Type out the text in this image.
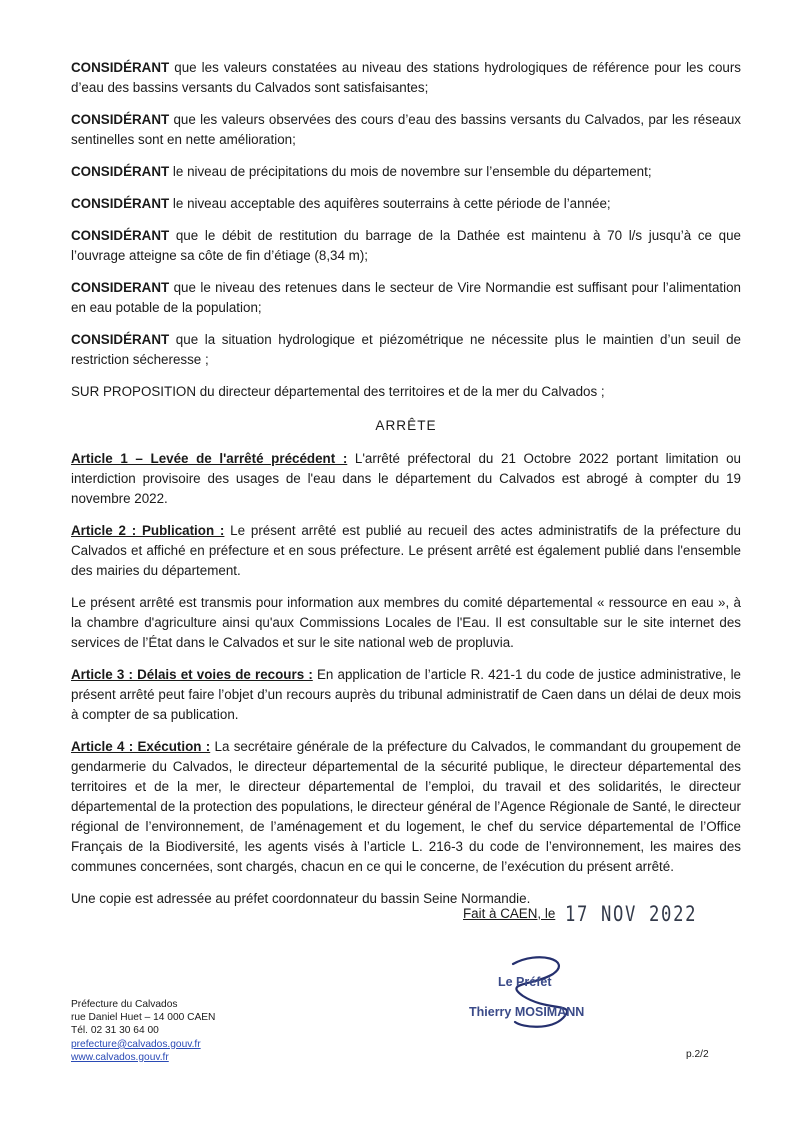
CONSIDÉRANT que les valeurs constatées au niveau des stations hydrologiques de référence pour les cours d’eau des bassins versants du Calvados sont satisfaisantes;

CONSIDÉRANT que les valeurs observées des cours d’eau des bassins versants du Calvados, par les réseaux sentinelles sont en nette amélioration;

CONSIDÉRANT le niveau de précipitations du mois de novembre sur l’ensemble du département;

CONSIDÉRANT le niveau acceptable des aquifères souterrains à cette période de l’année;

CONSIDÉRANT que le débit de restitution du barrage de la Dathée est maintenu à 70 l/s jusqu’à ce que l’ouvrage atteigne sa côte de fin d’étiage (8,34 m);

CONSIDERANT que le niveau des retenues dans le secteur de Vire Normandie est suffisant pour l’alimentation en eau potable de la population;

CONSIDÉRANT que la situation hydrologique et piézométrique ne nécessite plus le maintien d’un seuil de restriction sécheresse ;

SUR PROPOSITION du directeur départemental des territoires et de la mer du Calvados ;

ARRÊTE

Article 1 – Levée de l'arrêté précédent : L'arrêté préfectoral du 21 Octobre 2022 portant limitation ou interdiction provisoire des usages de l'eau dans le département du Calvados est abrogé à compter du 19 novembre 2022.

Article 2 : Publication : Le présent arrêté est publié au recueil des actes administratifs de la préfecture du Calvados et affiché en préfecture et en sous préfecture. Le présent arrêté est également publié dans l'ensemble des mairies du département.

Le présent arrêté est transmis pour information aux membres du comité départemental « ressource en eau », à la chambre d'agriculture ainsi qu'aux Commissions Locales de l'Eau. Il est consultable sur le site internet des services de l’État dans le Calvados et sur le site national web de propluvia.

Article 3 : Délais et voies de recours : En application de l’article R. 421-1 du code de justice administrative, le présent arrêté peut faire l’objet d’un recours auprès du tribunal administratif de Caen dans un délai de deux mois à compter de sa publication.

Article 4 : Exécution : La secrétaire générale de la préfecture du Calvados, le commandant du groupement de gendarmerie du Calvados, le directeur départemental de la sécurité publique, le directeur départemental des territoires et de la mer, le directeur départemental de l’emploi, du travail et des solidarités, le directeur départemental de la protection des populations, le directeur général de l’Agence Régionale de Santé, le directeur régional de l’environnement, de l’aménagement et du logement, le chef du service départemental de l’Office Français de la Biodiversité, les agents visés à l’article L. 216-3 du code de l’environnement, les maires des communes concernées, sont chargés, chacun en ce qui le concerne, de l’exécution du présent arrêté.

Une copie est adressée au préfet coordonnateur du bassin Seine Normandie.

Fait à CAEN, le 17 NOV 2022
Le Préfet
Thierry MOSIMANN
Préfecture du Calvados
rue Daniel Huet – 14 000 CAEN
Tél. 02 31 30 64 00
prefecture@calvados.gouv.fr
www.calvados.gouv.fr	p.2/2
